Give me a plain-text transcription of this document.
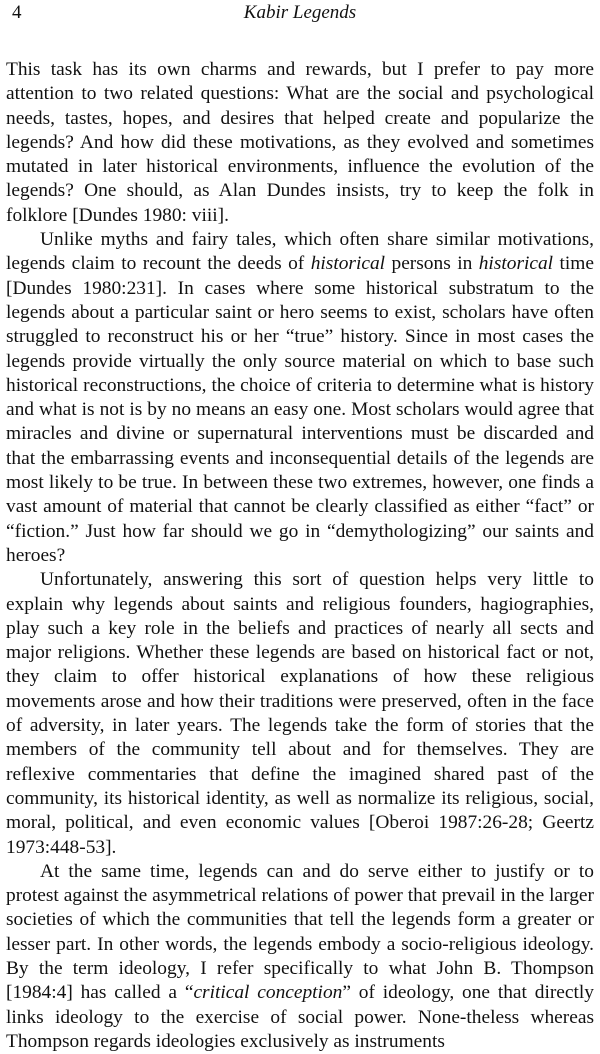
4	Kabir Legends

This task has its own charms and rewards, but I prefer to pay more attention to two related questions: What are the social and psychological needs, tastes, hopes, and desires that helped create and popularize the legends? And how did these motivations, as they evolved and sometimes mutated in later historical environments, influence the evolution of the legends? One should, as Alan Dundes insists, try to keep the folk in folklore [Dundes 1980: viii].

Unlike myths and fairy tales, which often share similar motivations, legends claim to recount the deeds of historical persons in historical time [Dundes 1980:231]. In cases where some historical substratum to the legends about a particular saint or hero seems to exist, scholars have often struggled to reconstruct his or her “true” history. Since in most cases the legends provide virtually the only source material on which to base such historical reconstructions, the choice of criteria to determine what is history and what is not is by no means an easy one. Most scholars would agree that miracles and divine or supernatural interventions must be discarded and that the embarrassing events and inconsequential details of the legends are most likely to be true. In between these two extremes, however, one finds a vast amount of material that cannot be clearly classified as either “fact” or “fiction.” Just how far should we go in “demythologizing” our saints and heroes?

Unfortunately, answering this sort of question helps very little to explain why legends about saints and religious founders, hagiographies, play such a key role in the beliefs and practices of nearly all sects and major religions. Whether these legends are based on historical fact or not, they claim to offer historical explanations of how these religious movements arose and how their traditions were preserved, often in the face of adversity, in later years. The legends take the form of stories that the members of the community tell about and for themselves. They are reflexive commentaries that define the imagined shared past of the community, its historical identity, as well as normalize its religious, social, moral, political, and even economic values [Oberoi 1987:26-28; Geertz 1973:448-53].

At the same time, legends can and do serve either to justify or to protest against the asymmetrical relations of power that prevail in the larger societies of which the communities that tell the legends form a greater or lesser part. In other words, the legends embody a socio-religious ideology. By the term ideology, I refer specifically to what John B. Thompson [1984:4] has called a “critical conception” of ideology, one that directly links ideology to the exercise of social power. None-theless whereas Thompson regards ideologies exclusively as instruments
